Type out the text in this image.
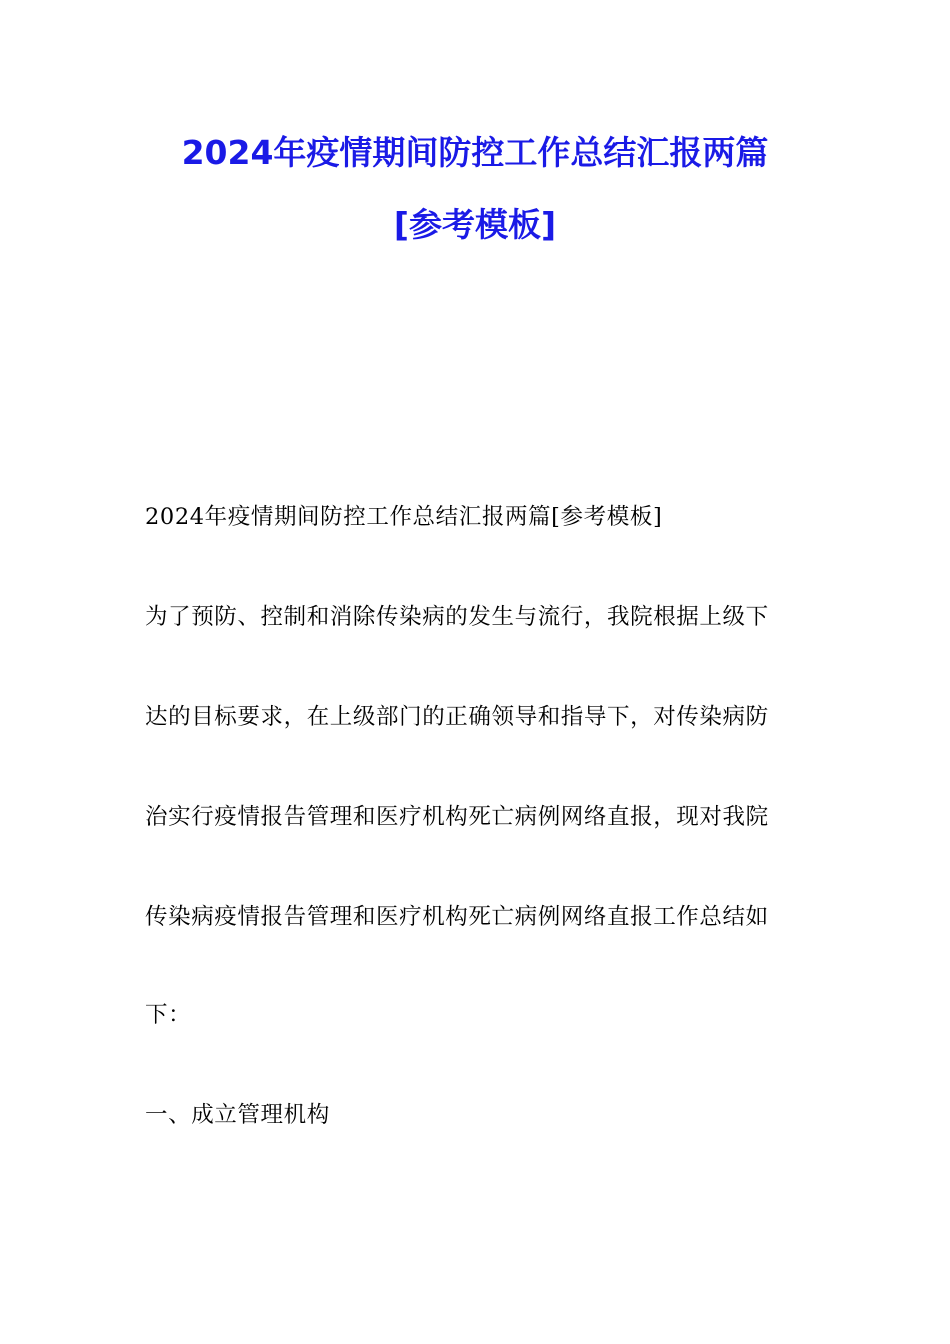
2024年疫情期间防控工作总结汇报两篇
[参考模板]
2024年疫情期间防控工作总结汇报两篇[参考模板]
为了预防、控制和消除传染病的发生与流行，我院根据上级下
达的目标要求，在上级部门的正确领导和指导下，对传染病防
治实行疫情报告管理和医疗机构死亡病例网络直报，现对我院
传染病疫情报告管理和医疗机构死亡病例网络直报工作总结如
下：
一、成立管理机构
